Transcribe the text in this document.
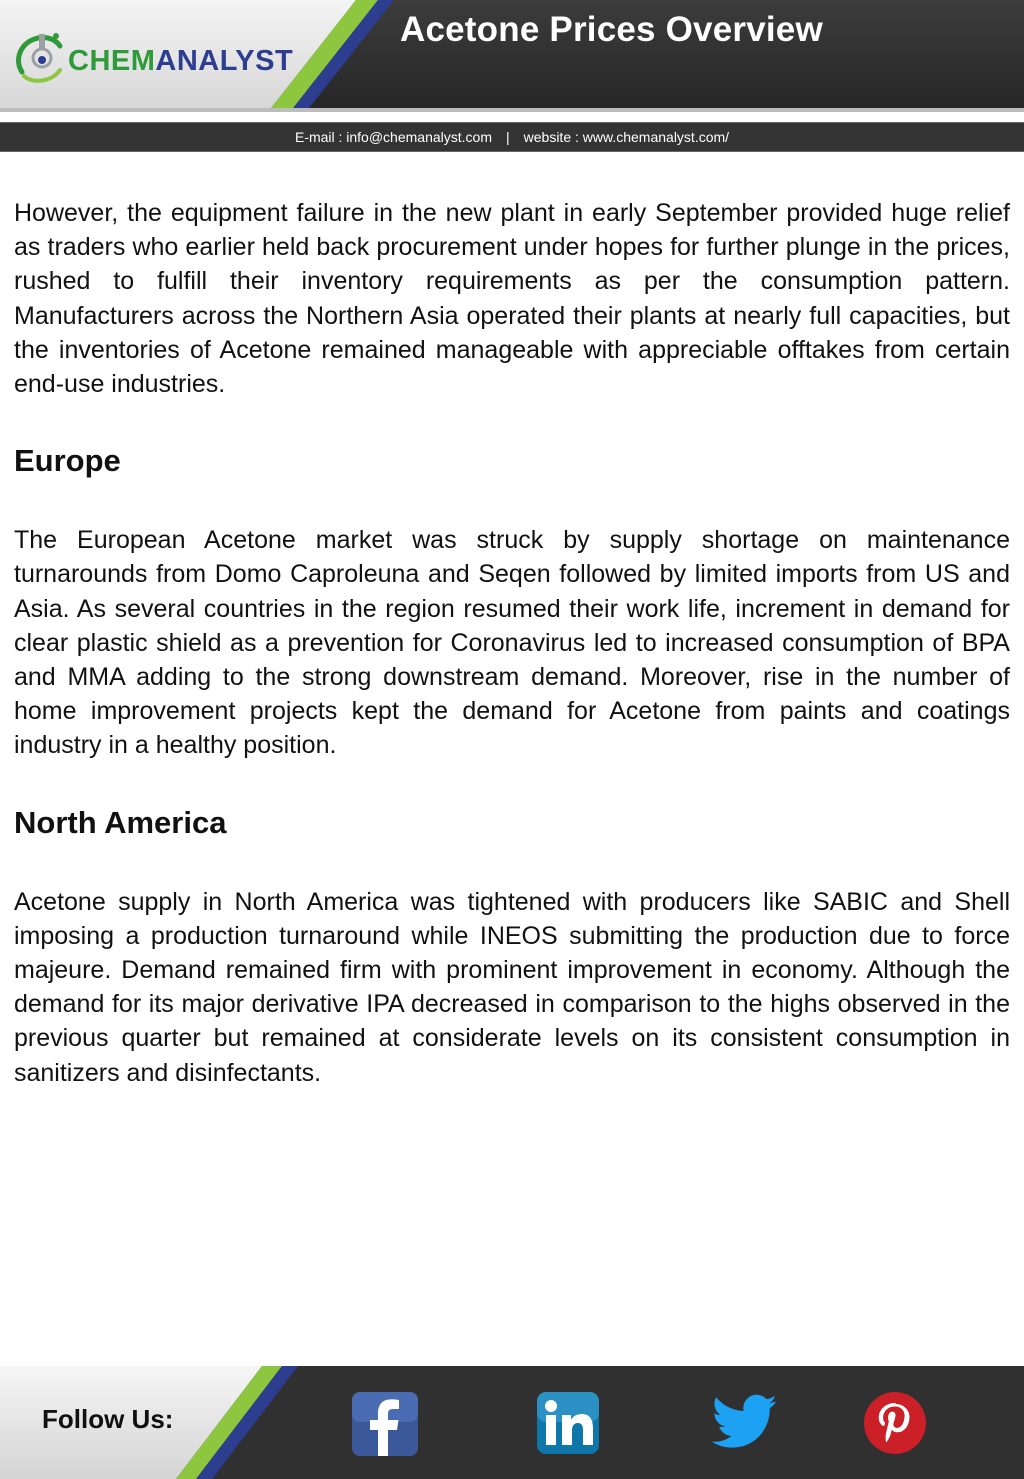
CHEMANALYST
Acetone Prices Overview
E-mail : info@chemanalyst.com | website : www.chemanalyst.com/

However, the equipment failure in the new plant in early September provided huge relief as traders who earlier held back procurement under hopes for further plunge in the prices, rushed to fulfill their inventory requirements as per the consumption pattern. Manufacturers across the Northern Asia operated their plants at nearly full capacities, but the inventories of Acetone remained manageable with appreciable offtakes from certain end-use industries.

Europe

The European Acetone market was struck by supply shortage on maintenance turnarounds from Domo Caproleuna and Seqen followed by limited imports from US and Asia. As several countries in the region resumed their work life, increment in demand for clear plastic shield as a prevention for Coronavirus led to increased consumption of BPA and MMA adding to the strong downstream demand. Moreover, rise in the number of home improvement projects kept the demand for Acetone from paints and coatings industry in a healthy position.

North America

Acetone supply in North America was tightened with producers like SABIC and Shell imposing a production turnaround while INEOS submitting the production due to force majeure. Demand remained firm with prominent improvement in economy. Although the demand for its major derivative IPA decreased in comparison to the highs observed in the previous quarter but remained at considerate levels on its consistent consumption in sanitizers and disinfectants.

Follow Us:
